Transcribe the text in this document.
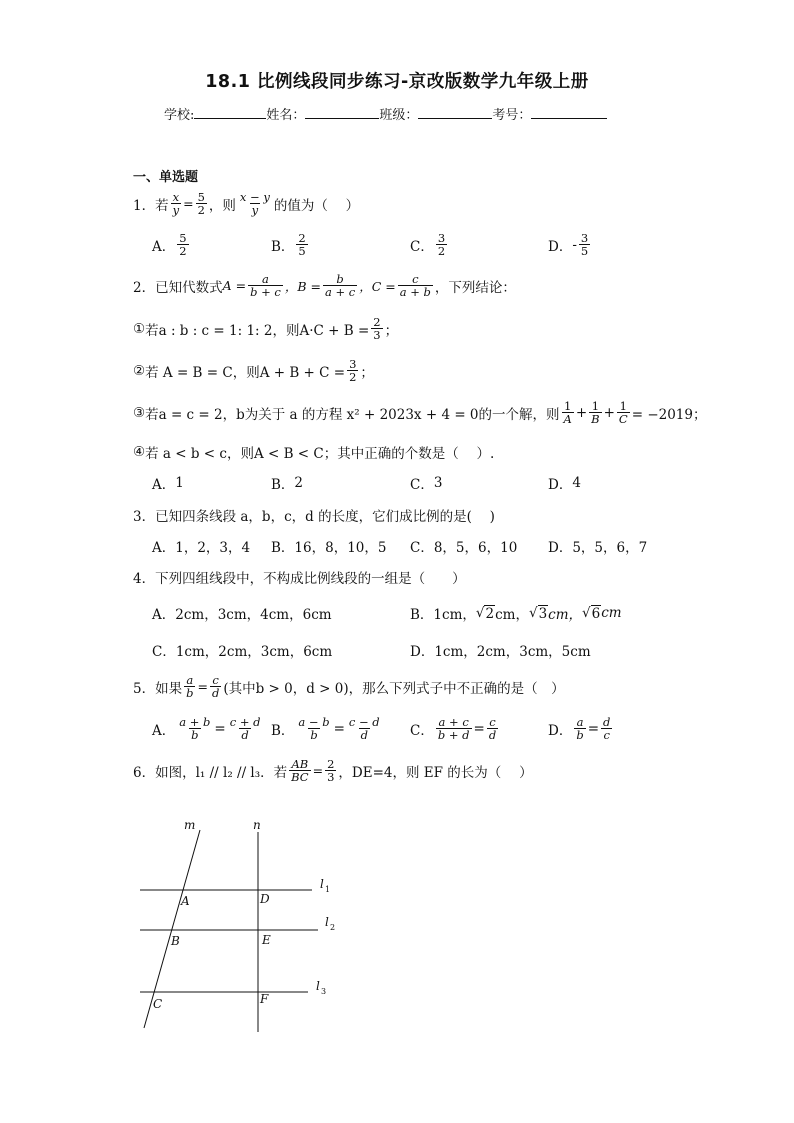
18.1 比例线段同步练习-京改版数学九年级上册
学校:	姓名：	班级：	考号：
一、单选题
1． 若 $\frac{x}{y} = \frac{5}{2}$ ，则 $\frac{x - y}{y}$ 的值为（　 ）
A． $\frac{5}{2}$	B． $\frac{2}{5}$	C． $\frac{3}{2}$	D． - $\frac{3}{5}$
2． 已知代数式 $A = \frac{a}{b + c}$ ，$B = \frac{b}{a + c}$ ，$C = \frac{c}{a + b}$ ，下列结论：
① 若a : b : c = 1: 1: 2，则$A\cdot C + B = \frac{2}{3}$ ；
② 若 A = B = C，则$A + B + C = \frac{3}{2}$ ；
③ 若a = c = 2，b为关于 a 的方程 x² + 2023x + 4 = 0的一个解，则 $\frac{1}{A} + \frac{1}{B} + \frac{1}{C} = -2019$；
④ 若 a < b < c，则A < B < C；其中正确的个数是（　 ）.
A． 1	B． 2	C． 3	D． 4
3． 已知四条线段 a，b，c，d 的长度，它们成比例的是(　 )
A． 1，2，3，4 B． 16，8，10，5 C． 8，5，6，10 D． 5，5，6，7
4． 下列四组线段中，不构成比例线段的一组是（　　）
A． 2cm，3cm，4cm，6cm	B． 1cm， √ 2 cm， √ 3 cm， √ 6 cm
C． 1cm，2cm，3cm，6cm	D． 1cm，2cm，3cm，5cm
5． 如果 $\frac{a}{b} = \frac{c}{d}$ (其中b > 0，d > 0)，那么下列式子中不正确的是（　）
A． $\frac{a + b}{b} = \frac{c + d}{d}$ B． $\frac{a - b}{b} = \frac{c - d}{d}$ C． $\frac{a + c}{b + d} = \frac{c}{d}$	D． $\frac{a}{b} = \frac{d}{c}$
6． 如图，l₁ // l₂ // l₃．若 $\frac{AB}{BC} = \frac{2}{3}$ ，DE=4，则 EF 的长为（　 ）
m	n
A
B
C
D
E
F
l 1
l 2
l 3
